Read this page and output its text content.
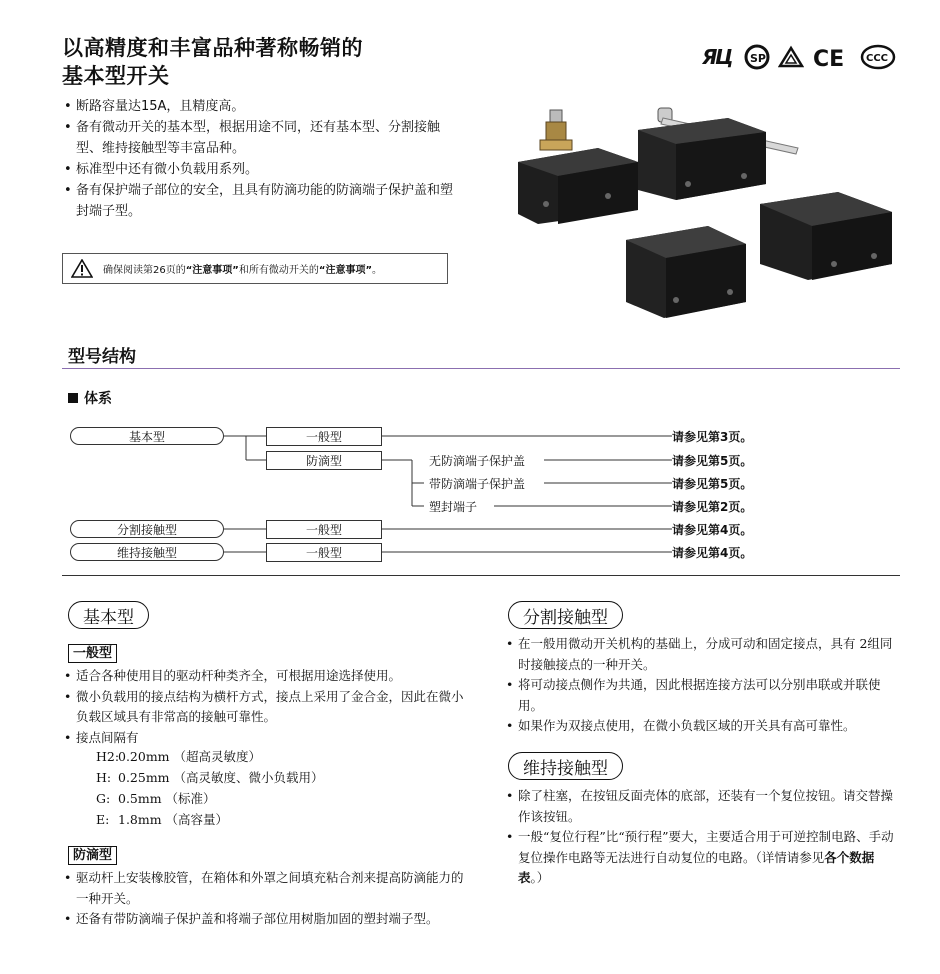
以高精度和丰富品种著称畅销的
基本型开关
Я
Ц SP CE CCC
• 断路容量达15A，且精度高。
• 备有微动开关的基本型，根据用途不同，还有基本型、分割接触型、维持接触型等丰富品种。
• 标准型中还有微小负载用系列。
• 备有保护端子部位的安全，且具有防滴功能的防滴端子保护盖和塑封端子型。
确保阅读第26页的“注意事项”和所有微动开关的“注意事项”。
型号结构
体系
基本型
分割接触型
维持接触型
一般型
防滴型
一般型
一般型
无防滴端子保护盖
带防滴端子保护盖
塑封端子
请参见第3页。
请参见第5页。
请参见第5页。
请参见第2页。
请参见第4页。
请参见第4页。
基本型
一般型
• 适合各种使用目的驱动杆种类齐全，可根据用途选择使用。
• 微小负载用的接点结构为横杆方式，接点上采用了金合金，因此在微小负载区域具有非常高的接触可靠性。
• 接点间隔有
H2:
0.20mm （超高灵敏度）
H: 0.25mm （高灵敏度、微小负载用）
G: 0.5mm （标准）
E: 1.8mm （高容量）
防滴型
• 驱动杆上安装橡胶管，在箱体和外罩之间填充粘合剂来提高防滴能力的一种开关。
• 还备有带防滴端子保护盖和将端子部位用树脂加固的塑封端子型。
分割接触型
• 在一般用微动开关机构的基础上，分成可动和固定接点，具有 2组同时接触接点的一种开关。
• 将可动接点侧作为共通，因此根据连接方法可以分别串联或并联使用。
• 如果作为双接点使用，在微小负载区域的开关具有高可靠性。
维持接触型
• 除了柱塞，在按钮反面壳体的底部，还装有一个复位按钮。请交替操作该按钮。
• 一般“复位行程”比“预行程”要大，主要适合用于可逆控制电路、手动复位操作电路等无法进行自动复位的电路。（详情请参见各个数据表。）
